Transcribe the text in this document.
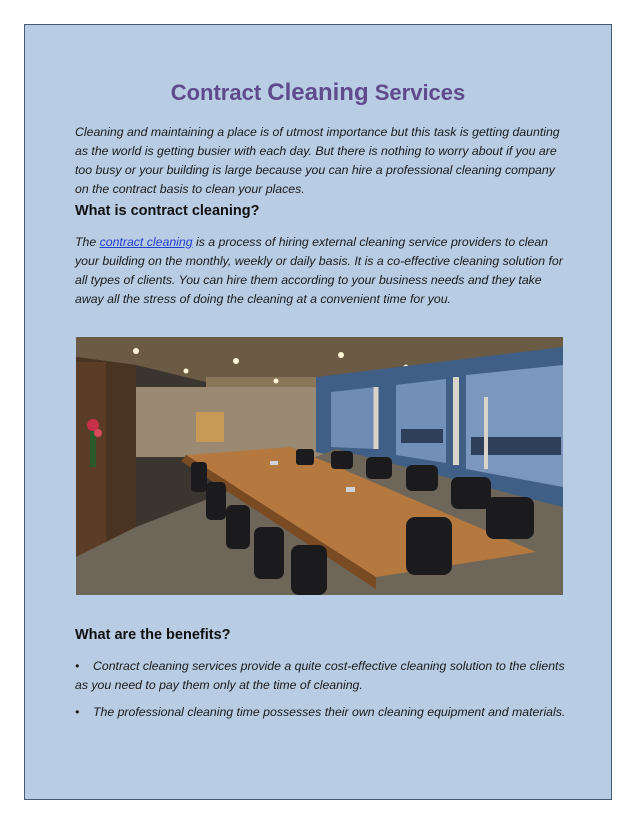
Contract Cleaning Services

Cleaning and maintaining a place is of utmost importance but this task is getting daunting as the world is getting busier with each day. But there is nothing to worry about if you are too busy or your building is large because you can hire a professional cleaning company on the contract basis to clean your places.

What is contract cleaning?

The contract cleaning is a process of hiring external cleaning service providers to clean your building on the monthly, weekly or daily basis. It is a co-effective cleaning solution for all types of clients. You can hire them according to your business needs and they take away all the stress of doing the cleaning at a convenient time for you.

What are the benefits?

• Contract cleaning services provide a quite cost-effective cleaning solution to the clients as you need to pay them only at the time of cleaning.

• The professional cleaning time possesses their own cleaning equipment and materials.
